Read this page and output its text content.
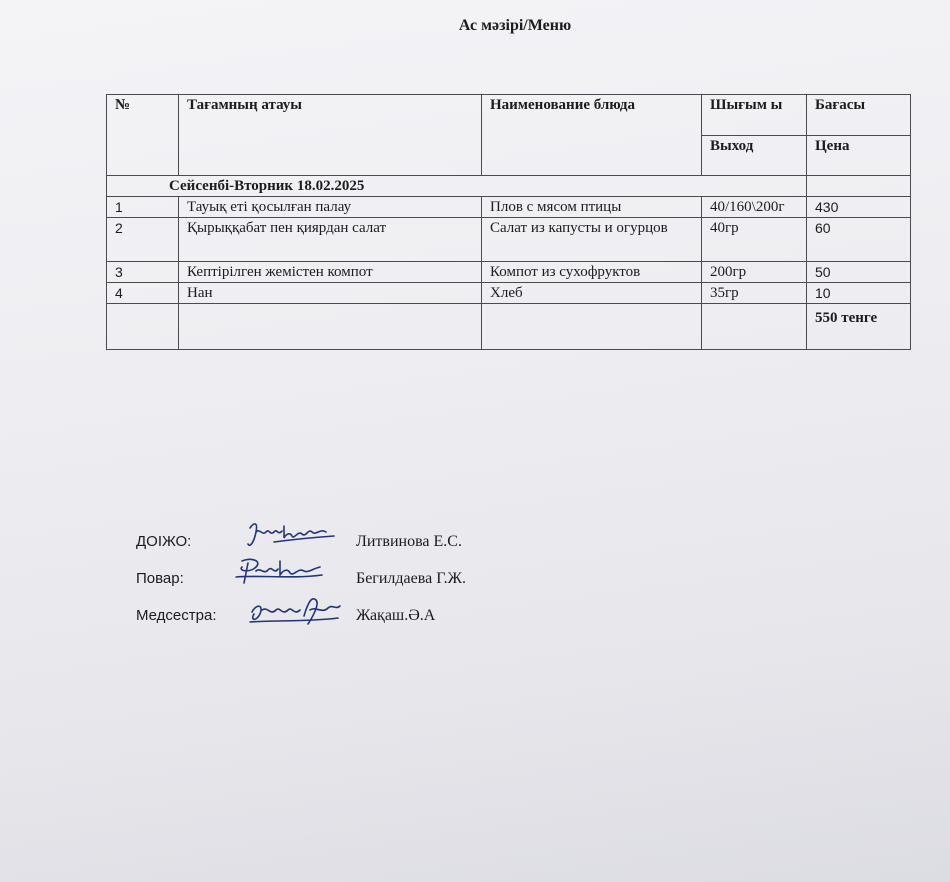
Ас мәзірі/Меню
№	Тағамның атауы	Наименование блюда	Шығым ы	Бағасы
			Выход	Цена
Сейсенбі-Вторник 18.02.2025				
1	Тауық еті қосылған палау	Плов с мясом птицы	40/160\200г	430
2	Қырыққабат пен қиярдан салат	Салат из капусты и огурцов	40гр	60
3	Кептірілген жемістен компот	Компот из сухофруктов	200гр	50
4	Нан	Хлеб	35гр	10
				550 тенге
ДОІЖО:	Литвинова Е.С.
Повар:	Бегилдаева Г.Ж.
Медсестра:	Жақаш.Ә.А
